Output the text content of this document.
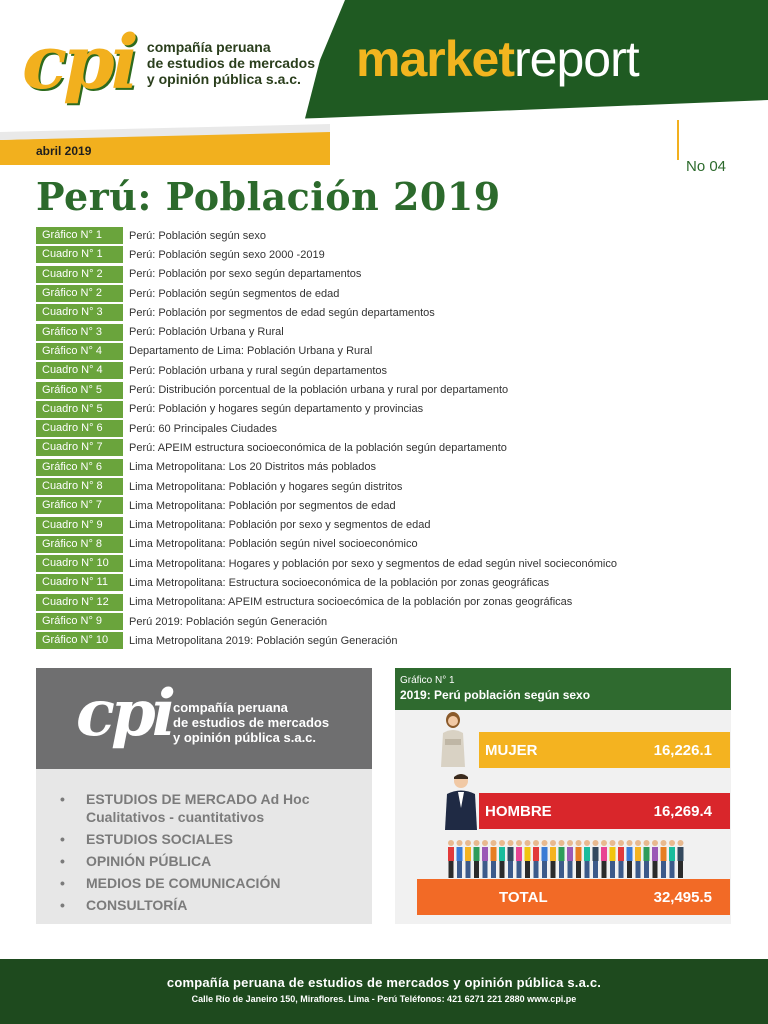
cpi compañía peruana
de estudios de mercados
y opinión pública s.a.c. marketreport
abril 2019
No 04
Perú: Población 2019
Gráfico N° 1	Perú: Población según sexo
Cuadro N° 1	Perú: Población según sexo 2000 -2019
Cuadro N° 2	Perú: Población por sexo según departamentos
Gráfico N° 2	Perú: Población según segmentos de edad
Cuadro N° 3	Perú: Población por segmentos de edad según departamentos
Gráfico N° 3	Perú: Población Urbana y Rural
Gráfico N° 4	Departamento de Lima: Población Urbana y Rural
Cuadro N° 4	Perú: Población urbana y rural según departamentos
Gráfico N° 5	Perú: Distribución porcentual de la población urbana y rural por departamento
Cuadro N° 5	Perú: Población y hogares según departamento y provincias
Cuadro N° 6	Perú: 60 Principales Ciudades
Cuadro N° 7	Perú: APEIM estructura socioeconómica de la población según departamento
Gráfico N° 6	Lima Metropolitana: Los 20 Distritos más poblados
Cuadro N° 8	Lima Metropolitana: Población y hogares según distritos
Gráfico N° 7	Lima Metropolitana: Población por segmentos de edad
Cuadro N° 9	Lima Metropolitana: Población por sexo y segmentos de edad
Gráfico N° 8	Lima Metropolitana: Población según nivel socioeconómico
Cuadro N° 10	Lima Metropolitana: Hogares y población por sexo y segmentos de edad según nivel socieconómico
Cuadro N° 11	Lima Metropolitana: Estructura socioeconómica de la población por zonas geográficas
Cuadro N° 12	Lima Metropolitana: APEIM estructura socioecómica de la población por zonas geográficas
Gráfico N° 9	Perú 2019: Población según Generación
Gráfico N° 10	Lima Metropolitana 2019: Población según Generación
cpi compañía peruana
de estudios de mercados
y opinión pública s.a.c.
• ESTUDIOS DE MERCADO Ad Hoc
Cualitativos - cuantitativos
• ESTUDIOS SOCIALES
• OPINIÓN PÚBLICA
• MEDIOS DE COMUNICACIÓN
• CONSULTORÍA
Gráfico N° 1
2019: Perú población según sexo
MUJER	16,226.1
HOMBRE	16,269.4
TOTAL	32,495.5
compañía peruana de estudios de mercados y opinión pública s.a.c.
Calle Río de Janeiro 150, Miraflores. Lima - Perú Teléfonos: 421 6271 221 2880 www.cpi.pe
